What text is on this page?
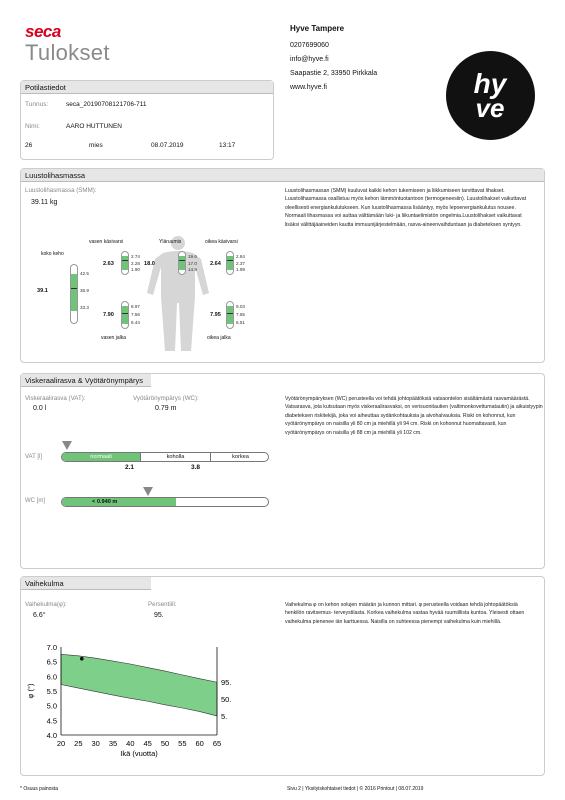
seca
Tulokset
Hyve Tampere
0207699060
info@hyve.fi
Saapastie 2, 33950 Pirkkala
www.hyve.fi	hy
ve
Potilastiedot
Tunnus:	seca_20190708121706-711
Nimi:	AARO HUTTUNEN
26	mies	08.07.2019	13:17
Luustolihasmassa
Luustolihasmassa (SMM):
39.11 kg
koko keho
39.1
42.5
36.9
33.3
vasen käsivarsi
2.63
2.74
2.28
1.90
Yläruumis
18.0
19.6
17.0
14.9
oikea käsivarsi
2.64
2.84
2.37
1.99
vasen jalka
7.90
8.97
7.56
6.44
oikea jalka
7.95
9.03
7.65
6.51
Luustolihasmassan (SMM) kuuluvat kaikki kehon tukemiseen ja liikkumiseen tarvittavat lihakset. Luustolihasmassa osallistuu myös kehon lämmöntuotantoon (termogeneesiin). Luustolihakset vaikuttavat oleellisesti energiankulutukseen. Kun luustolihasmassa lisääntyy, myös lepoenergiankulutus nousee. Normaali lihasmassa voi auttaa välttämään luki- ja liikuntaelimistön ongelmia.Luustolihakset vaikuttavat lisäksi välittäjäaineiden kautta immuunijärjestelmään, rasva-aineenvaihduntaan ja diabeteksen syntyyn.
Viskeraalirasva & Vyötärönympärys
Viskeraalirasva (VAT):
0.0 l
Vyötärönympärys (WC):
0.79 m
VAT [l]	normaali	koholla	korkea
2.1	3.8
WC [m]	< 0.940 m
Vyötärönympäryksen (WC) perusteella voi tehdä johtopäätöksiä vatsaontelon sisältämästä rasvamäärästä. Vatsarasva, jota kutsutaan myös viskeraalirasvaksi, on verisuonitautien (valtimonkovettumatautin) ja aikuistyypin diabeteksen riskitekijä, joka voi aiheuttaa sydänkohtauksia ja aivohalvauksia. Riski on kohonnut, kun vyötärönympärys on naisilla yli 80 cm ja miehillä yli 94 cm. Riski on kohonnut huomattavasti, kun vyötärönympärys on naisilla yli 88 cm ja miehillä yli 102 cm.
Vaihekulma
Vaihekulma(φ):
6.6°
Persentiili:
95.
7.0
6.5
6.0
5.5
5.0
4.5
4.0
20 25 30 35 40 45 50 55 60 65
Ikä (vuotta)
φ (°)
95.
50.
5.
Vaihekulma φ on kehon solujen määrän ja kunnon mittari. φ perusteella voidaan tehdä johtopäätöksiä henkilön ravitsemus- terveystilasta. Korkea vaihekulma vastaa hyvää ruumiillista kuntoa. Yleisesti ottaen vaihekulma pienenee iän karttuessa. Naisilla on suhteessa pienempi vaihekulma kuin miehillä.
* Osuus painosta	Sivu 2 | Yksityiskohtaiset tiedot | © 2016 Printout | 08.07.2019
